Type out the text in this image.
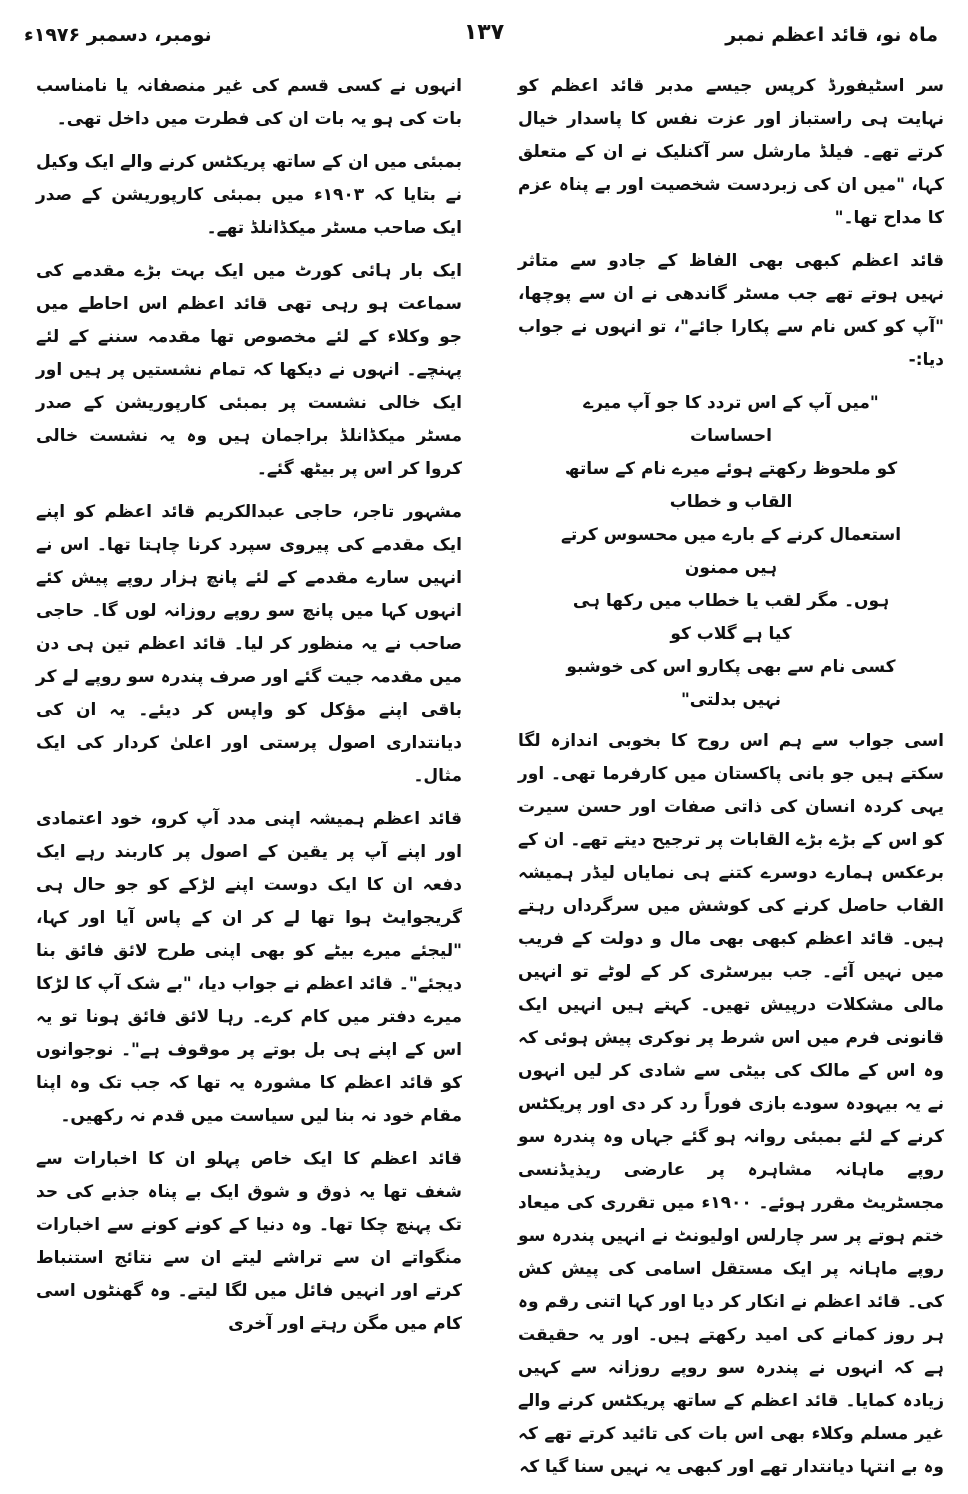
نومبر، دسمبر ۱۹۷۶ء	۱۳۷	ماہ نو، قائد اعظم نمبر

سر اسٹیفورڈ کرپس جیسے مدبر قائد اعظم کو نہایت ہی راستباز اور عزت نفس کا پاسدار خیال کرتے تھے۔ فیلڈ مارشل سر آکنلیک نے ان کے متعلق کہا، "میں ان کی زبردست شخصیت اور بے پناہ عزم کا مداح تھا۔"

قائد اعظم کبھی بھی الفاظ کے جادو سے متاثر نہیں ہوتے تھے جب مسٹر گاندھی نے ان سے پوچھا، "آپ کو کس نام سے پکارا جائے"، تو انہوں نے جواب دیا:-

"میں آپ کے اس تردد کا جو آپ میرے احساسات
کو ملحوظ رکھتے ہوئے میرے نام کے ساتھ القاب و خطاب
استعمال کرنے کے بارے میں محسوس کرتے ہیں ممنون
ہوں۔ مگر لقب یا خطاب میں رکھا ہی کیا ہے گلاب کو
کسی نام سے بھی پکارو اس کی خوشبو نہیں بدلتی"

اسی جواب سے ہم اس روح کا بخوبی اندازہ لگا سکتے ہیں جو بانی پاکستان میں کارفرما تھی۔ اور یہی کردہ انسان کی ذاتی صفات اور حسن سیرت کو اس کے بڑے بڑے القابات پر ترجیح دیتے تھے۔ ان کے برعکس ہمارے دوسرے کتنے ہی نمایاں لیڈر ہمیشہ القاب حاصل کرنے کی کوشش میں سرگرداں رہتے ہیں۔ قائد اعظم کبھی بھی مال و دولت کے فریب میں نہیں آئے۔ جب بیرسٹری کر کے لوٹے تو انہیں مالی مشکلات درپیش تھیں۔ کہتے ہیں انہیں ایک قانونی فرم میں اس شرط پر نوکری پیش ہوئی کہ وہ اس کے مالک کی بیٹی سے شادی کر لیں انہوں نے یہ بیہودہ سودے بازی فوراً رد کر دی اور پریکٹس کرنے کے لئے بمبئی روانہ ہو گئے جہاں وہ پندرہ سو روپے ماہانہ مشاہرہ پر عارضی ریذیڈنسی مجسٹریٹ مقرر ہوئے۔ ۱۹۰۰ء میں تقرری کی میعاد ختم ہوتے پر سر چارلس اولیونٹ نے انہیں پندرہ سو روپے ماہانہ پر ایک مستقل اسامی کی پیش کش کی۔ قائد اعظم نے انکار کر دیا اور کہا اتنی رقم وہ ہر روز کمانے کی امید رکھتے ہیں۔ اور یہ حقیقت ہے کہ انہوں نے پندرہ سو روپے روزانہ سے کہیں زیادہ کمایا۔ قائد اعظم کے ساتھ پریکٹس کرنے والے غیر مسلم وکلاء بھی اس بات کی تائید کرتے تھے کہ وہ بے انتہا دیانتدار تھے اور کبھی یہ نہیں سنا گیا کہ

انہوں نے کسی قسم کی غیر منصفانہ یا نامناسب بات کی ہو یہ بات ان کی فطرت میں داخل تھی۔

بمبئی میں ان کے ساتھ پریکٹس کرنے والے ایک وکیل نے بتایا کہ ۱۹۰۳ء میں بمبئی کارپوریشن کے صدر ایک صاحب مسٹر میکڈانلڈ تھے۔

ایک بار ہائی کورٹ میں ایک بہت بڑے مقدمے کی سماعت ہو رہی تھی قائد اعظم اس احاطے میں جو وکلاء کے لئے مخصوص تھا مقدمہ سننے کے لئے پہنچے۔ انہوں نے دیکھا کہ تمام نشستیں پر ہیں اور ایک خالی نشست پر بمبئی کارپوریشن کے صدر مسٹر میکڈانلڈ براجمان ہیں وہ یہ نشست خالی کروا کر اس پر بیٹھ گئے۔

مشہور تاجر، حاجی عبدالکریم قائد اعظم کو اپنے ایک مقدمے کی پیروی سپرد کرنا چاہتا تھا۔ اس نے انہیں سارے مقدمے کے لئے پانچ ہزار روپے پیش کئے انہوں کہا میں پانچ سو روپے روزانہ لوں گا۔ حاجی صاحب نے یہ منظور کر لیا۔ قائد اعظم تین ہی دن میں مقدمہ جیت گئے اور صرف پندرہ سو روپے لے کر باقی اپنے مؤکل کو واپس کر دیئے۔ یہ ان کی دیانتداری اصول پرستی اور اعلیٰ کردار کی ایک مثال۔

قائد اعظم ہمیشہ اپنی مدد آپ کرو، خود اعتمادی اور اپنے آپ پر یقین کے اصول پر کاربند رہے ایک دفعہ ان کا ایک دوست اپنے لڑکے کو جو حال ہی گریجوایٹ ہوا تھا لے کر ان کے پاس آیا اور کہا، "لیجئے میرے بیٹے کو بھی اپنی طرح لائق فائق بنا دیجئے"۔ قائد اعظم نے جواب دیا، "بے شک آپ کا لڑکا میرے دفتر میں کام کرے۔ رہا لائق فائق ہونا تو یہ اس کے اپنے ہی بل بوتے پر موقوف ہے"۔ نوجوانوں کو قائد اعظم کا مشورہ یہ تھا کہ جب تک وہ اپنا مقام خود نہ بنا لیں سیاست میں قدم نہ رکھیں۔

قائد اعظم کا ایک خاص پہلو ان کا اخبارات سے شغف تھا یہ ذوق و شوق ایک بے پناہ جذبے کی حد تک پہنچ چکا تھا۔ وہ دنیا کے کونے کونے سے اخبارات منگواتے ان سے تراشے لیتے ان سے نتائج استنباط کرتے اور انہیں فائل میں لگا لیتے۔ وہ گھنٹوں اسی کام میں مگن رہتے اور آخری
